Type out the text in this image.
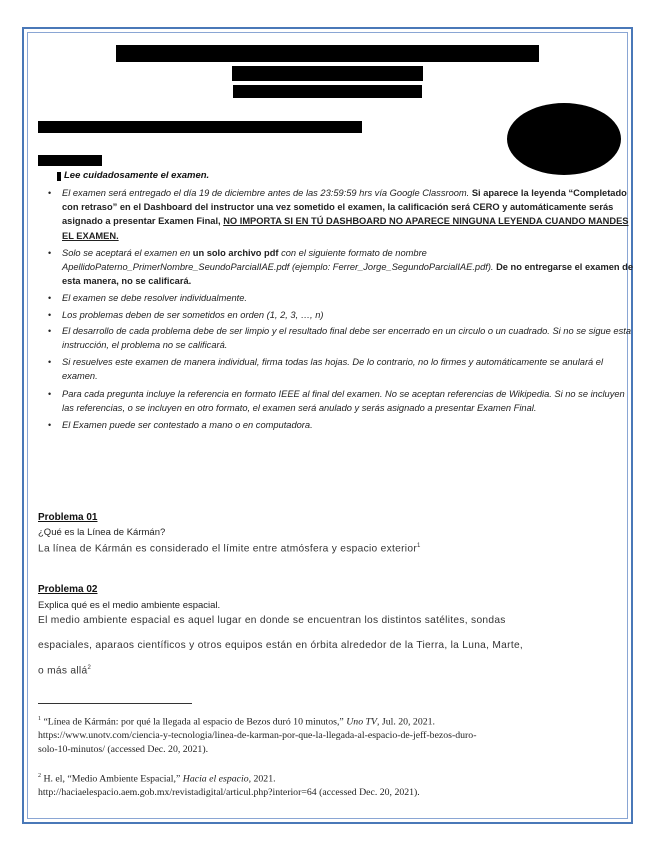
Lee cuidadosamente el examen.
• El examen será entregado el día 19 de diciembre antes de las 23:59:59 hrs vía Google Classroom. Si aparece la leyenda “Completado con retraso” en el Dashboard del instructor una vez sometido el examen, la calificación será CERO y automáticamente serás asignado a presentar Examen Final, NO IMPORTA SI EN TÚ DASHBOARD NO APARECE NINGUNA LEYENDA CUANDO MANDES EL EXAMEN.
• Solo se aceptará el examen en un solo archivo pdf con el siguiente formato de nombre ApellidoPaterno_PrimerNombre_SeundoParcialIAE.pdf (ejemplo: Ferrer_Jorge_SegundoParcialIAE.pdf). De no entregarse el examen de esta manera, no se calificará.
• El examen se debe resolver individualmente.
• Los problemas deben de ser sometidos en orden (1, 2, 3, …, n)
• El desarrollo de cada problema debe de ser limpio y el resultado final debe ser encerrado en un circulo o un cuadrado. Si no se sigue esta instrucción, el problema no se calificará.
• Si resuelves este examen de manera individual, firma todas las hojas. De lo contrario, no lo firmes y automáticamente se anulará el examen.
• Para cada pregunta incluye la referencia en formato IEEE al final del examen. No se aceptan referencias de Wikipedia. Si no se incluyen las referencias, o se incluyen en otro formato, el examen será anulado y serás asignado a presentar Examen Final.
• El Examen puede ser contestado a mano o en computadora.
Problema 01
¿Qué es la Línea de Kármán?
La línea de Kármán es considerado el límite entre atmósfera y espacio exterior$^1$
Problema 02
Explica qué es el medio ambiente espacial.
El medio ambiente espacial es aquel lugar en donde se encuentran los distintos satélites, sondas
espaciales, aparaos científicos y otros equipos están en órbita alrededor de la Tierra, la Luna, Marte,
o más allá$^2$
$^1$ “Línea de Kármán: por qué la llegada al espacio de Bezos duró 10 minutos,” Uno TV, Jul. 20, 2021.
https://www.unotv.com/ciencia-y-tecnologia/linea-de-karman-por-que-la-llegada-al-espacio-de-jeff-bezos-duro-
solo-10-minutos/ (accessed Dec. 20, 2021).
$^2$ H. el, “Medio Ambiente Espacial,” Hacia el espacio, 2021.
http://haciaelespacio.aem.gob.mx/revistadigital/articul.php?interior=64 (accessed Dec. 20, 2021).
